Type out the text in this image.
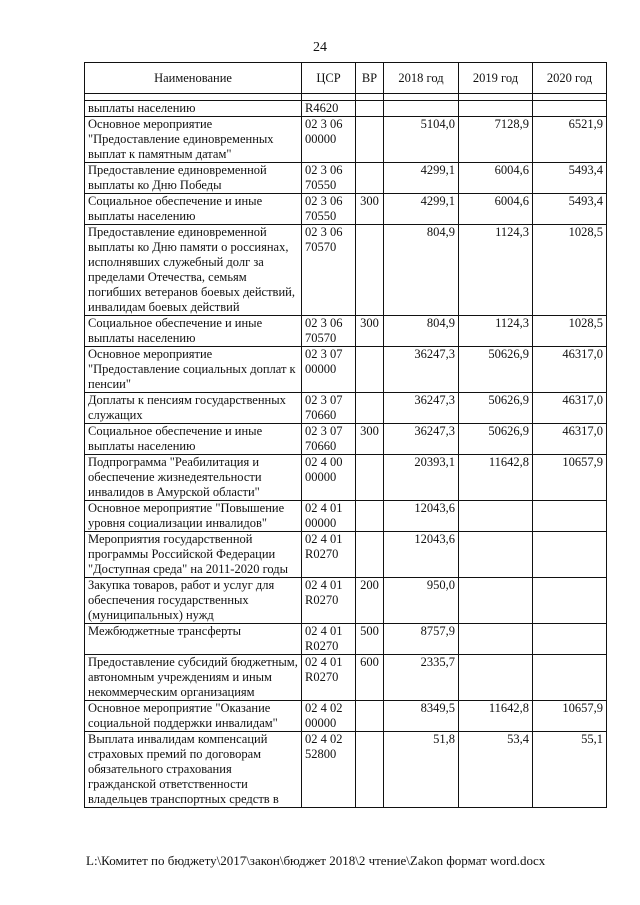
24
Наименование	ЦСР	ВР	2018 год	2019 год	2020 год

выплаты населению	R4620				
Основное мероприятие "Предоставление единовременных выплат к памятным датам"	02 3 06 00000		5104,0	7128,9	6521,9
Предоставление единовременной выплаты ко Дню Победы	02 3 06 70550		4299,1	6004,6	5493,4
Социальное обеспечение и иные выплаты населению	02 3 06 70550	300	4299,1	6004,6	5493,4
Предоставление единовременной выплаты ко Дню памяти о россиянах, исполнявших служебный долг за пределами Отечества, семьям погибших ветеранов боевых действий, инвалидам боевых действий	02 3 06 70570		804,9	1124,3	1028,5
Социальное обеспечение и иные выплаты населению	02 3 06 70570	300	804,9	1124,3	1028,5
Основное мероприятие "Предоставление социальных доплат к пенсии"	02 3 07 00000		36247,3	50626,9	46317,0
Доплаты к пенсиям государственных служащих	02 3 07 70660		36247,3	50626,9	46317,0
Социальное обеспечение и иные выплаты населению	02 3 07 70660	300	36247,3	50626,9	46317,0
Подпрограмма "Реабилитация и обеспечение жизнедеятельности инвалидов в Амурской области"	02 4 00 00000		20393,1	11642,8	10657,9
Основное мероприятие "Повышение уровня социализации инвалидов"	02 4 01 00000		12043,6		
Мероприятия государственной программы Российской Федерации "Доступная среда" на 2011-2020 годы	02 4 01 R0270		12043,6		
Закупка товаров, работ и услуг для обеспечения государственных (муниципальных) нужд	02 4 01 R0270	200	950,0		
Межбюджетные трансферты	02 4 01 R0270	500	8757,9		
Предоставление субсидий бюджетным, автономным учреждениям и иным некоммерческим организациям	02 4 01 R0270	600	2335,7		
Основное мероприятие "Оказание социальной поддержки инвалидам"	02 4 02 00000		8349,5	11642,8	10657,9
Выплата инвалидам компенсаций страховых премий по договорам обязательного страхования гражданской ответственности владельцев транспортных средств в	02 4 02 52800		51,8	53,4	55,1
L:\Комитет по бюджету\2017\закон\бюджет 2018\2 чтение\Zakon формат word.docx
